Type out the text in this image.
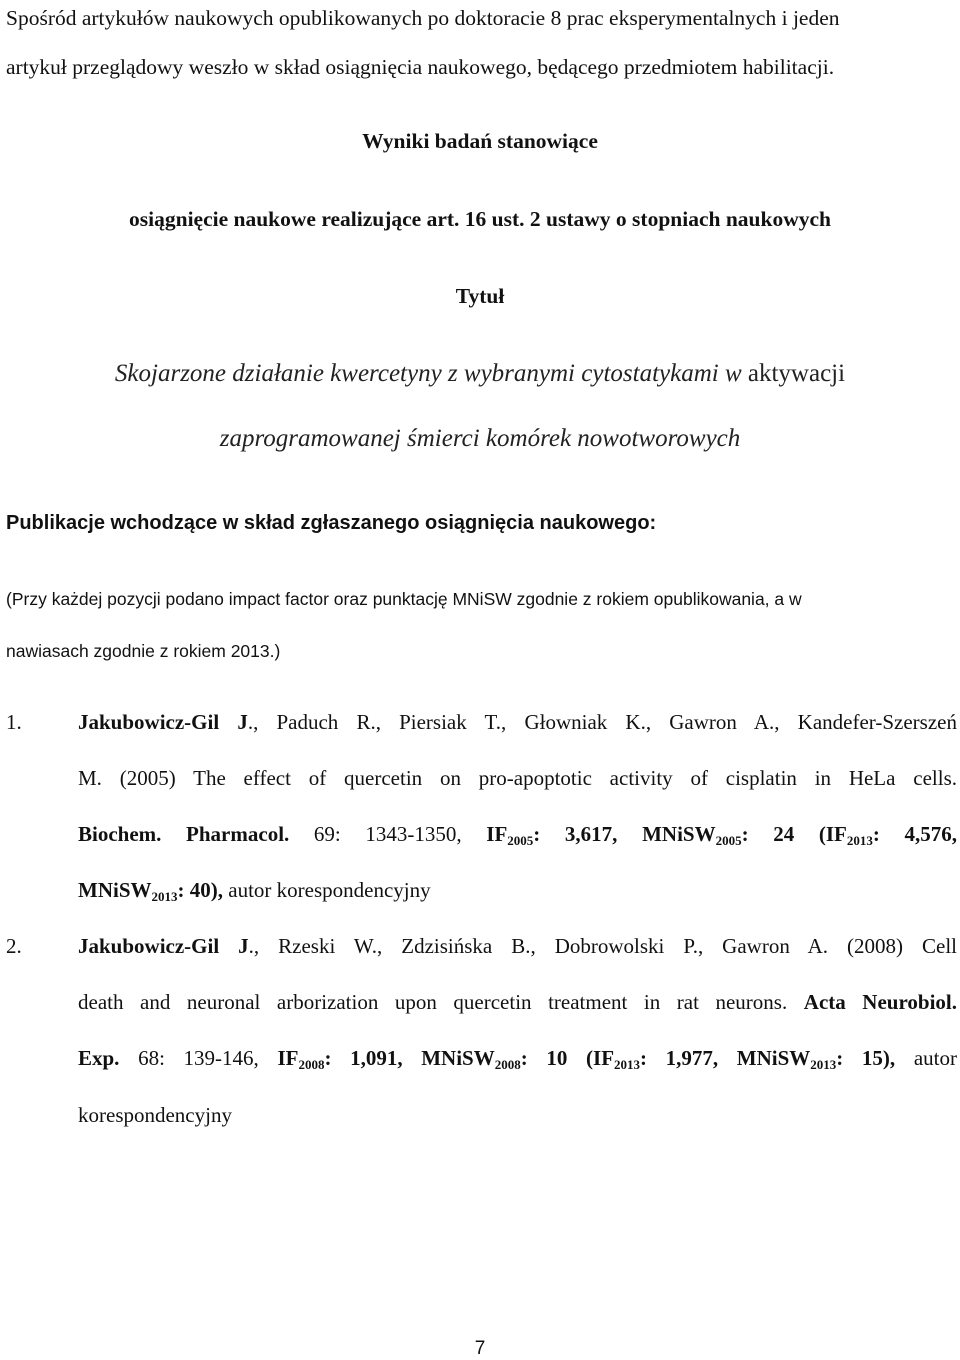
Spośród artykułów naukowych opublikowanych po doktoracie 8 prac eksperymentalnych i jeden
artykuł przeglądowy weszło w skład osiągnięcia naukowego, będącego przedmiotem habilitacji.
Wyniki badań stanowiące
osiągnięcie naukowe realizujące art. 16 ust. 2 ustawy o stopniach naukowych
Tytuł
Skojarzone działanie kwercetyny z wybranymi cytostatykami w aktywacji
zaprogramowanej śmierci komórek nowotworowych
Publikacje wchodzące w skład zgłaszanego osiągnięcia naukowego:
(Przy każdej pozycji podano impact factor oraz punktację MNiSW zgodnie z rokiem opublikowania, a w
nawiasach zgodnie z rokiem 2013.)
1.	Jakubowicz-Gil J., Paduch R., Piersiak T., Głowniak K., Gawron A., Kandefer-Szerszeń
M. (2005) The effect of quercetin on pro-apoptotic activity of cisplatin in HeLa cells.
Biochem. Pharmacol. 69: 1343-1350, $IF_{2005}$: 3,617, MNiSW$_{2005}$: 24 ($IF_{2013}$: 4,576,
MNiSW$_{2013}$: 40), autor korespondencyjny
2.	Jakubowicz-Gil J., Rzeski W., Zdzisińska B., Dobrowolski P., Gawron A. (2008) Cell
death and neuronal arborization upon quercetin treatment in rat neurons. Acta Neurobiol.
Exp. 68: 139-146, $IF_{2008}$: 1,091, MNiSW$_{2008}$: 10 ($IF_{2013}$: 1,977, MNiSW$_{2013}$: 15), autor
korespondencyjny
7
